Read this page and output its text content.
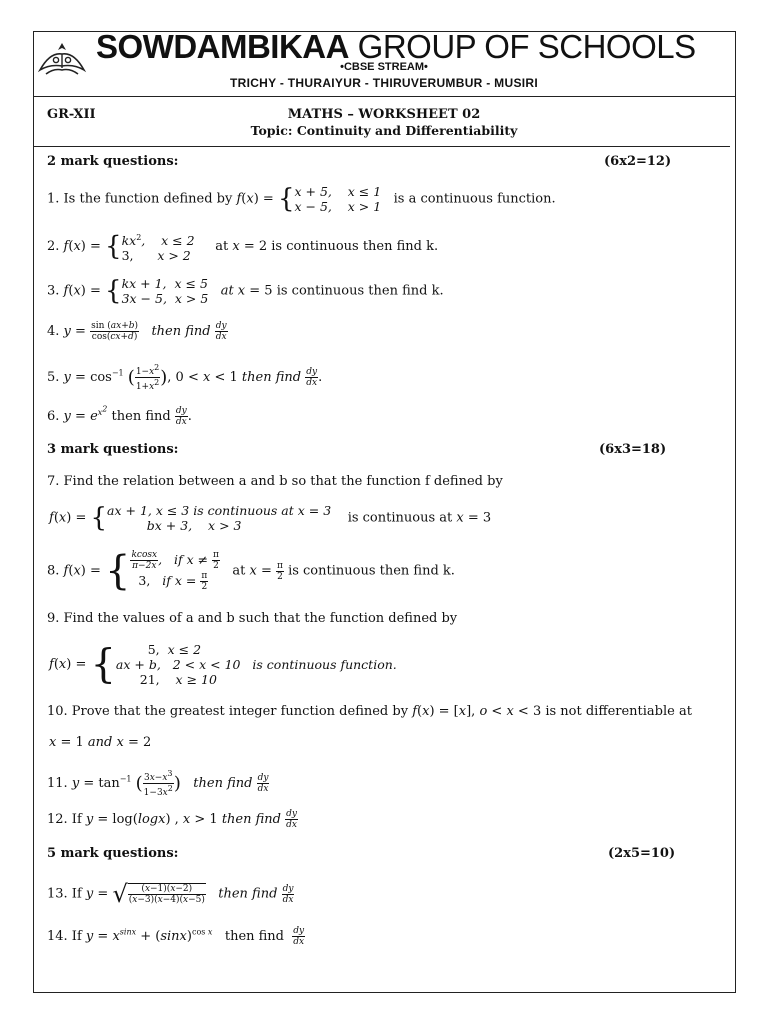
SOWDAMBIKAA GROUP OF SCHOOLS
•CBSE STREAM•
TRICHY - THURAIYUR - THIRUVERUMBUR - MUSIRI
GR-XII	MATHS – WORKSHEET 02
Topic: Continuity and Differentiability
2 mark questions:	(6x2=12)
1. Is the function defined by f(x) = {x + 5,    x ≤ 1
x − 5,    x > 1 is a continuous function.
2. $f(x) = \{kx^2$,    x ≤ 2
3,      x > 2     at x = 2 is continuous then find k.
3. f(x) = {kx + 1,  x ≤ 5
3x − 5,  x > 5 at x = 5 is continuous then find k.
4. $y = \frac{\sin (ax+b)}{\cos(cx+d)}$ then find $\frac{dy}{dx}$
5. $y = \cos^{-1}$ ( $\frac{1-x^2}{1+x^2}$ ), 0 < x < 1 then find $\frac{dy}{dx}$ .
6. $y = e^{x^2}$ then find $\frac{dy}{dx}$ .
3 mark questions:	(6x3=18)
7. Find the relation between a and b so that the function f defined by
f(x) = {ax + 1, x ≤ 3 is continuous at x = 3
bx + 3,    x > 3	is continuous at x = 3
8. f(x) = { $\frac{kcosx}{\pi-2x}$ ,   if $x \ne \frac{\pi}{2}$

3,   if $x = \frac{\pi}{2}$ at $x = \frac{\pi}{2}$ is continuous then find k.
9. Find the values of a and b such that the function defined by
f(x) = {	5,  x ≤ 2
ax + b,   2 < x < 10   is continuous function.
21,    x ≥ 10
10. Prove that the greatest integer function defined by f(x) = [x], o < x < 3 is not differentiable at
x = 1 and x = 2
11. $y = \tan^{-1}$ ( $\frac{3x-x^3}{1-3x^2}$ ) then find $\frac{dy}{dx}$
12. If y = log(logx) , x > 1 then find $\frac{dy}{dx}$
5 mark questions:	(2x5=10)
13. If y = √ $\frac{(x-1)(x-2)}{(x-3)(x-4)(x-5)}$ then find $\frac{dy}{dx}$
14. If $y = x^{sinx} + (\sin x)^{cos x}$ then find $\frac{dy}{dx}$
